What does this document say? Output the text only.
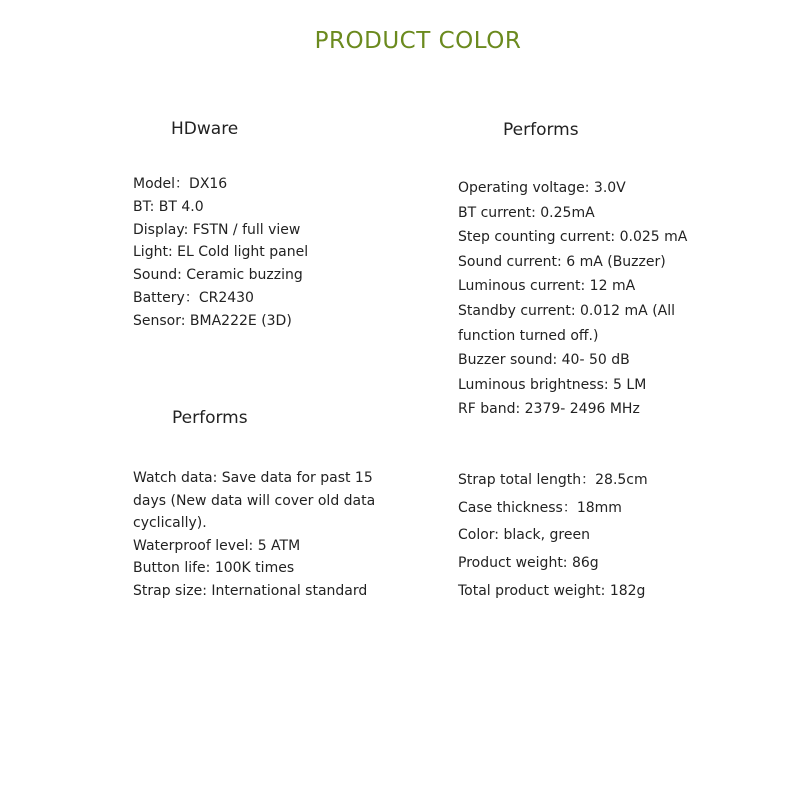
PRODUCT COLOR
HDware	Performs
Performs
Model：DX16
BT: BT 4.0
Display: FSTN / full view
Light: EL Cold light panel
Sound: Ceramic buzzing
Battery：CR2430
Sensor: BMA222E (3D)
Operating voltage: 3.0V
BT current: 0.25mA
Step counting current: 0.025 mA
Sound current: 6 mA (Buzzer)
Luminous current: 12 mA
Standby current: 0.012 mA (All
function turned off.)
Buzzer sound: 40- 50 dB
Luminous brightness: 5 LM
RF band: 2379- 2496 MHz
Watch data: Save data for past 15
days (New data will cover old data
cyclically).
Waterproof level: 5 ATM
Button life: 100K times
Strap size: International standard
Strap total length：28.5cm
Case thickness：18mm
Color: black, green
Product weight: 86g
Total product weight: 182g
